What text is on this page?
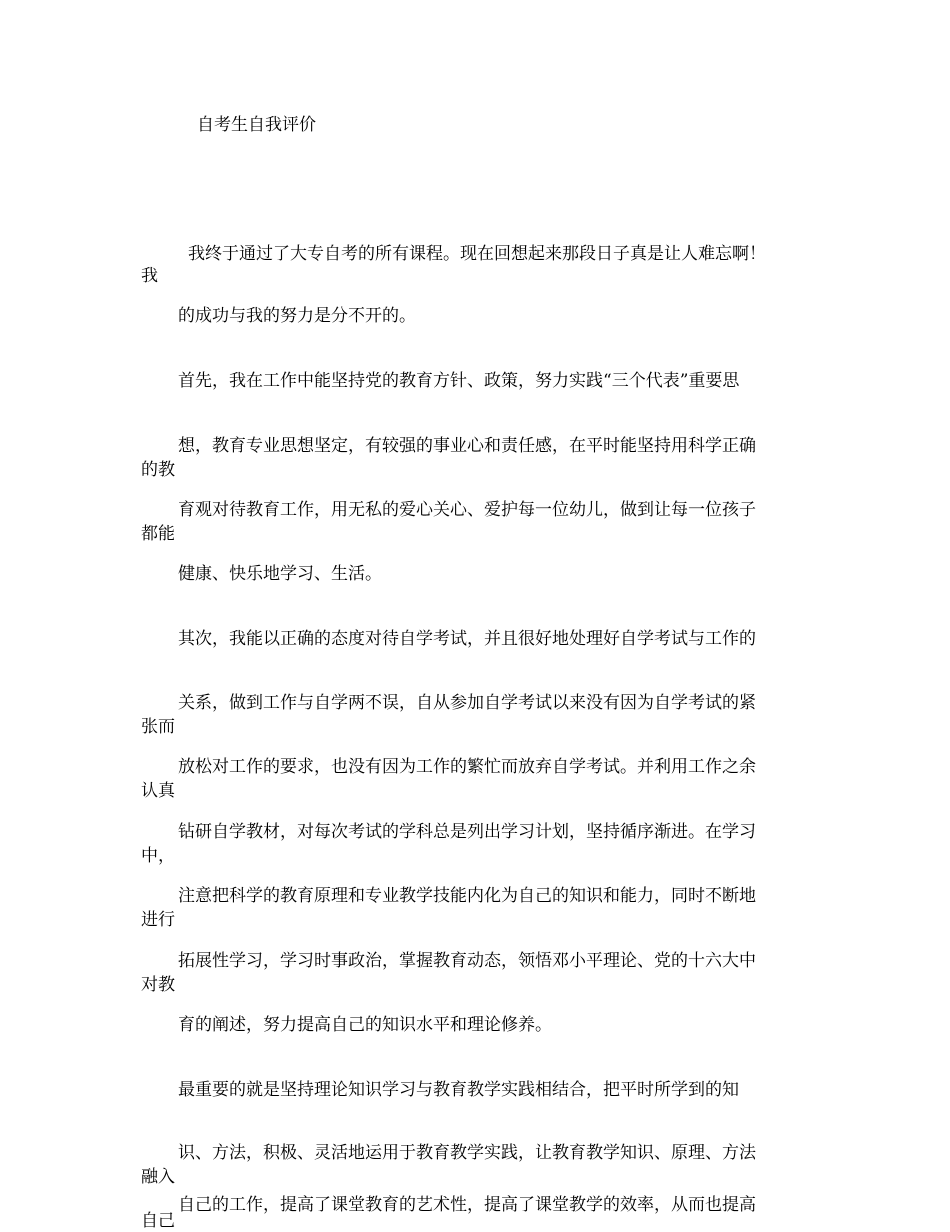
自考生自我评价
我终于通过了大专自考的所有课程。现在回想起来那段日子真是让人难忘啊！
我
的成功与我的努力是分不开的。
首先，我在工作中能坚持党的教育方针、政策，努力实践“三个代表”重要思
想，教育专业思想坚定，有较强的事业心和责任感，在平时能坚持用科学正确
的教
育观对待教育工作，用无私的爱心关心、爱护每一位幼儿，做到让每一位孩子
都能
健康、快乐地学习、生活。
其次，我能以正确的态度对待自学考试，并且很好地处理好自学考试与工作的
关系，做到工作与自学两不误，自从参加自学考试以来没有因为自学考试的紧
张而
放松对工作的要求，也没有因为工作的繁忙而放弃自学考试。并利用工作之余
认真
钻研自学教材，对每次考试的学科总是列出学习计划，坚持循序渐进。在学习
中，
注意把科学的教育原理和专业教学技能内化为自己的知识和能力，同时不断地
进行
拓展性学习，学习时事政治，掌握教育动态，领悟邓小平理论、党的十六大中
对教
育的阐述，努力提高自己的知识水平和理论修养。
最重要的就是坚持理论知识学习与教育教学实践相结合，把平时所学到的知
识、方法，积极、灵活地运用于教育教学实践，让教育教学知识、原理、方法
融入
自己的工作，提高了课堂教育的艺术性，提高了课堂教学的效率，从而也提高
自己
